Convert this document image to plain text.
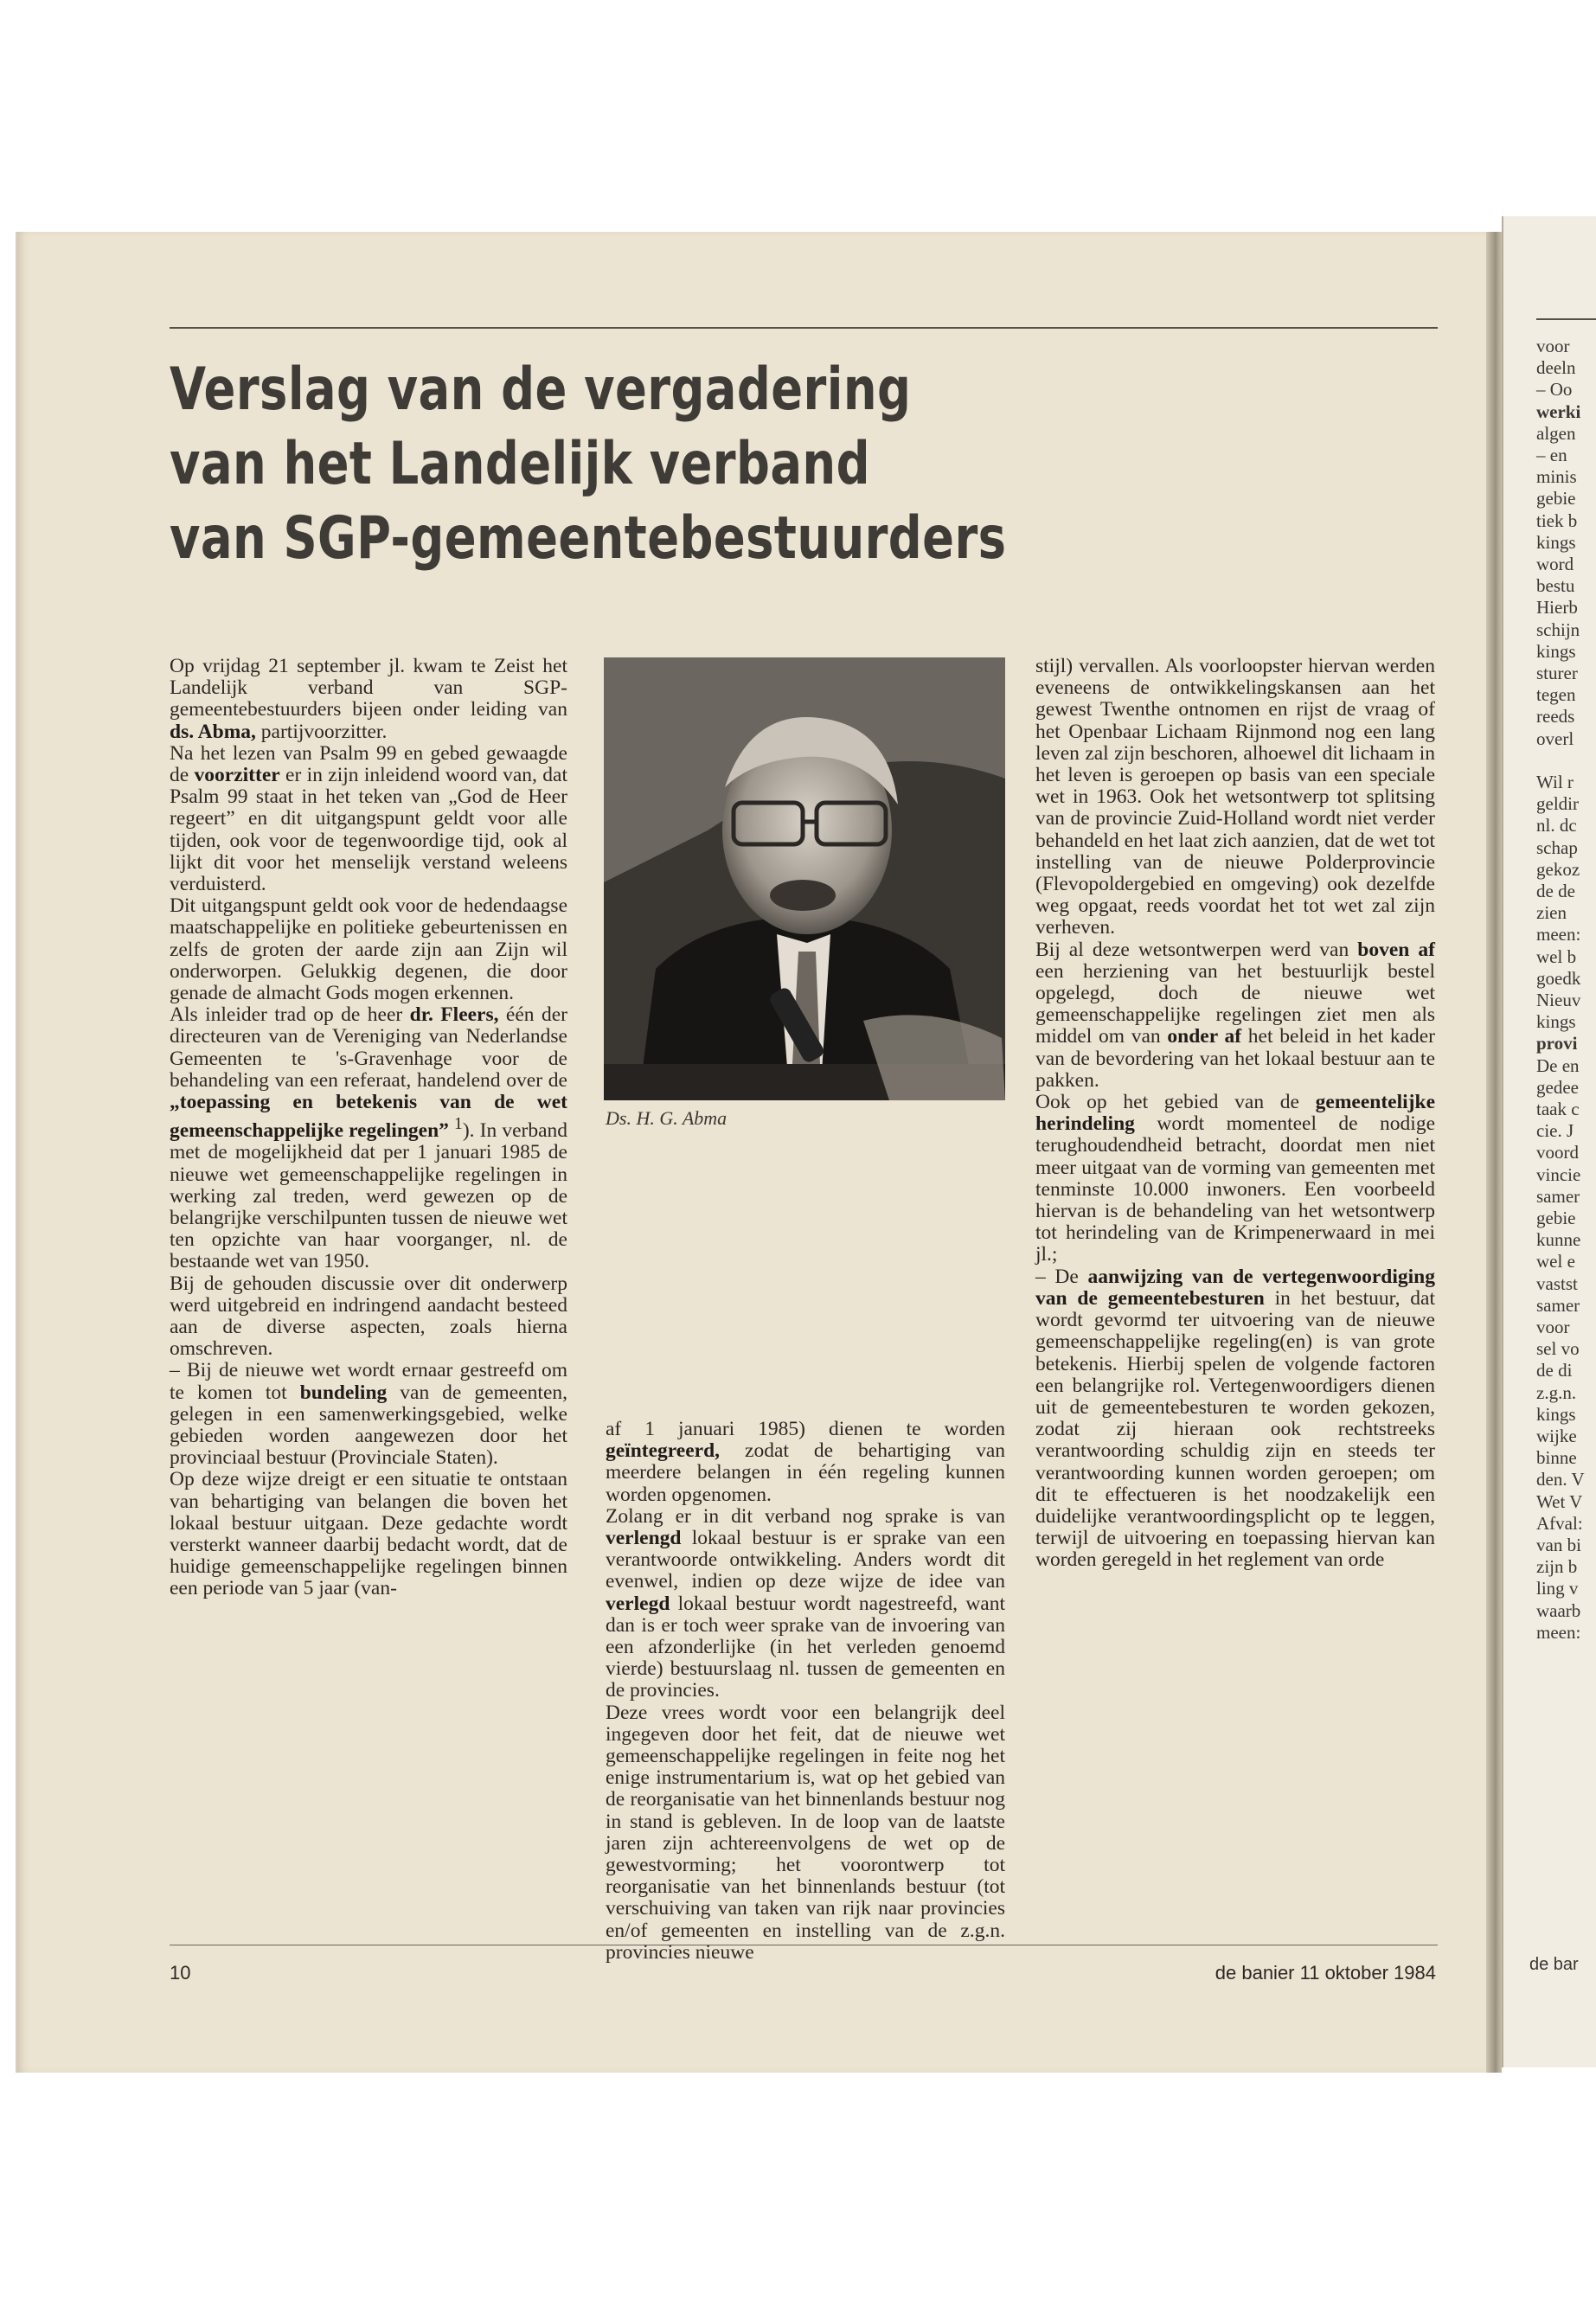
voor
deeln
– Oo
werki
algen
– en
minis
gebie
tiek b
kings
word
bestu
Hierb
schijn
kings
sturer
tegen
reeds
overl
Wil r
geldir
nl. dc
schap
gekoz
de de
zien
meen:
wel b
goedk
Nieuv
kings
provi
De en
gedee
taak c
cie. J
voord
vincie
samer
gebie
kunne
wel e
vastst
samer
voor
sel vo
de di
z.g.n.
kings
wijke
binne
den. V
Wet V
Afval:
van bi
zijn b
ling v
waarb
meen:
de bar
Verslag van de vergadering
van het Landelijk verband
van SGP-gemeentebestuurders

Op vrijdag 21 september jl. kwam te Zeist het Landelijk verband van SGP-gemeentebestuurders bijeen onder leiding van ds. Abma, partijvoorzitter.

Na het lezen van Psalm 99 en gebed gewaagde de voorzitter er in zijn inleidend woord van, dat Psalm 99 staat in het teken van „God de Heer regeert” en dit uitgangspunt geldt voor alle tijden, ook voor de tegenwoordige tijd, ook al lijkt dit voor het menselijk verstand weleens verduisterd.

Dit uitgangspunt geldt ook voor de hedendaagse maatschappelijke en politieke gebeurtenissen en zelfs de groten der aarde zijn aan Zijn wil onderworpen. Gelukkig degenen, die door genade de almacht Gods mogen erkennen.

Als inleider trad op de heer dr. Fleers, één der directeuren van de Vereniging van Nederlandse Gemeenten te 's-Gravenhage voor de behandeling van een referaat, handelend over de „toepassing en betekenis van de wet gemeenschappelijke regelingen” $^1$). In verband met de mogelijkheid dat per 1 januari 1985 de nieuwe wet gemeenschappelijke regelingen in werking zal treden, werd gewezen op de belangrijke verschilpunten tussen de nieuwe wet ten opzichte van haar voorganger, nl. de bestaande wet van 1950.

Bij de gehouden discussie over dit onderwerp werd uitgebreid en indringend aandacht besteed aan de diverse aspecten, zoals hierna omschreven.

– Bij de nieuwe wet wordt ernaar gestreefd om te komen tot bundeling van de gemeenten, gelegen in een samenwerkingsgebied, welke gebieden worden aangewezen door het provinciaal bestuur (Provinciale Staten).

Op deze wijze dreigt er een situatie te ontstaan van behartiging van belangen die boven het lokaal bestuur uitgaan. Deze gedachte wordt versterkt wanneer daarbij bedacht wordt, dat de huidige gemeenschappelijke regelingen binnen een periode van 5 jaar (van-

Ds. H. G. Abma

af 1 januari 1985) dienen te worden geïntegreerd, zodat de behartiging van meerdere belangen in één regeling kunnen worden opgenomen.

Zolang er in dit verband nog sprake is van verlengd lokaal bestuur is er sprake van een verantwoorde ontwikkeling. Anders wordt dit evenwel, indien op deze wijze de idee van verlegd lokaal bestuur wordt nagestreefd, want dan is er toch weer sprake van de invoering van een afzonderlijke (in het verleden genoemd vierde) bestuurslaag nl. tussen de gemeenten en de provincies.

Deze vrees wordt voor een belangrijk deel ingegeven door het feit, dat de nieuwe wet gemeenschappelijke regelingen in feite nog het enige instrumentarium is, wat op het gebied van de reorganisatie van het binnenlands bestuur nog in stand is gebleven. In de loop van de laatste jaren zijn achtereenvolgens de wet op de gewestvorming; het voorontwerp tot reorganisatie van het binnenlands bestuur (tot verschuiving van taken van rijk naar provincies en/of gemeenten en instelling van de z.g.n. provincies nieuwe

stijl) vervallen. Als voorloopster hiervan werden eveneens de ontwikkelingskansen aan het gewest Twenthe ontnomen en rijst de vraag of het Openbaar Lichaam Rijnmond nog een lang leven zal zijn beschoren, alhoewel dit lichaam in het leven is geroepen op basis van een speciale wet in 1963. Ook het wetsontwerp tot splitsing van de provincie Zuid-Holland wordt niet verder behandeld en het laat zich aanzien, dat de wet tot instelling van de nieuwe Polderprovincie (Flevopoldergebied en omgeving) ook dezelfde weg opgaat, reeds voordat het tot wet zal zijn verheven.

Bij al deze wetsontwerpen werd van boven af een herziening van het bestuurlijk bestel opgelegd, doch de nieuwe wet gemeenschappelijke regelingen ziet men als middel om van onder af het beleid in het kader van de bevordering van het lokaal bestuur aan te pakken.

Ook op het gebied van de gemeentelijke herindeling wordt momenteel de nodige terughoudendheid betracht, doordat men niet meer uitgaat van de vorming van gemeenten met tenminste 10.000 inwoners. Een voorbeeld hiervan is de behandeling van het wetsontwerp tot herindeling van de Krimpenerwaard in mei jl.;

– De aanwijzing van de vertegenwoordiging van de gemeentebesturen in het bestuur, dat wordt gevormd ter uitvoering van de nieuwe gemeenschappelijke regeling(en) is van grote betekenis. Hierbij spelen de volgende factoren een belangrijke rol. Vertegenwoordigers dienen uit de gemeentebesturen te worden gekozen, zodat zij hieraan ook rechtstreeks verantwoording schuldig zijn en steeds ter verantwoording kunnen worden geroepen; om dit te effectueren is het noodzakelijk een duidelijke verantwoordingsplicht op te leggen, terwijl de uitvoering en toepassing hiervan kan worden geregeld in het reglement van orde

10	de banier 11 oktober 1984
